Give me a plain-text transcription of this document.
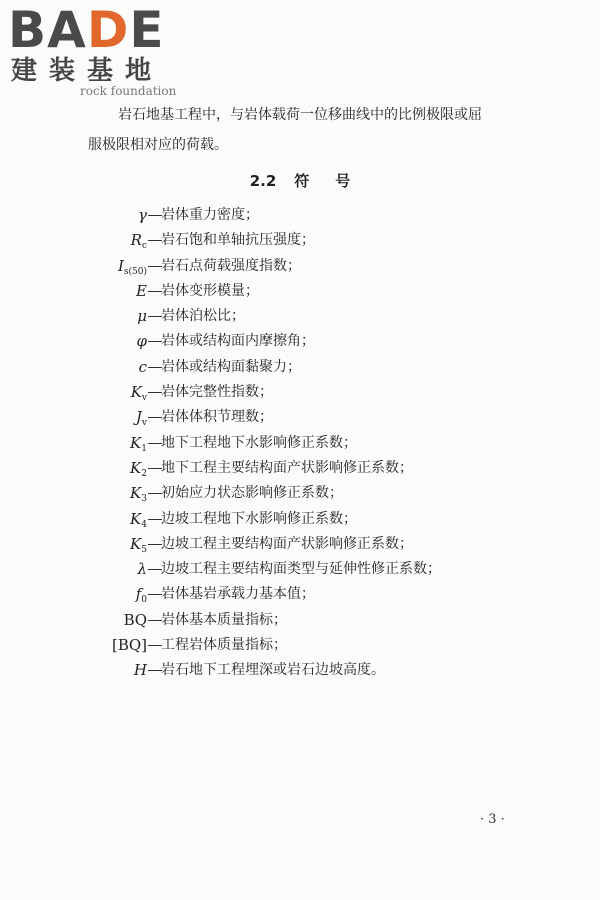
BADE
建装基地
rock foundation
岩石地基工程中，与岩体载荷一位移曲线中的比例极限或屈
服极限相对应的荷载。
2.2 符 号
γ 岩体重力密度；
$R_c$ 岩石饱和单轴抗压强度；
$I_{s(50)}$ 岩石点荷载强度指数；
E 岩体变形模量；
μ 岩体泊松比；
φ 岩体或结构面内摩擦角；
c 岩体或结构面黏聚力；
$K_v$ 岩体完整性指数；
$J_v$ 岩体体积节理数；
$K_1$ 地下工程地下水影响修正系数；
$K_2$ 地下工程主要结构面产状影响修正系数；
$K_3$ 初始应力状态影响修正系数；
$K_4$ 边坡工程地下水影响修正系数；
$K_5$ 边坡工程主要结构面产状影响修正系数；
λ 边坡工程主要结构面类型与延伸性修正系数；
$f_0$ 岩体基岩承载力基本值；
BQ 岩体基本质量指标；
[BQ] 工程岩体质量指标；
H 岩石地下工程埋深或岩石边坡高度。
· 3 ·
